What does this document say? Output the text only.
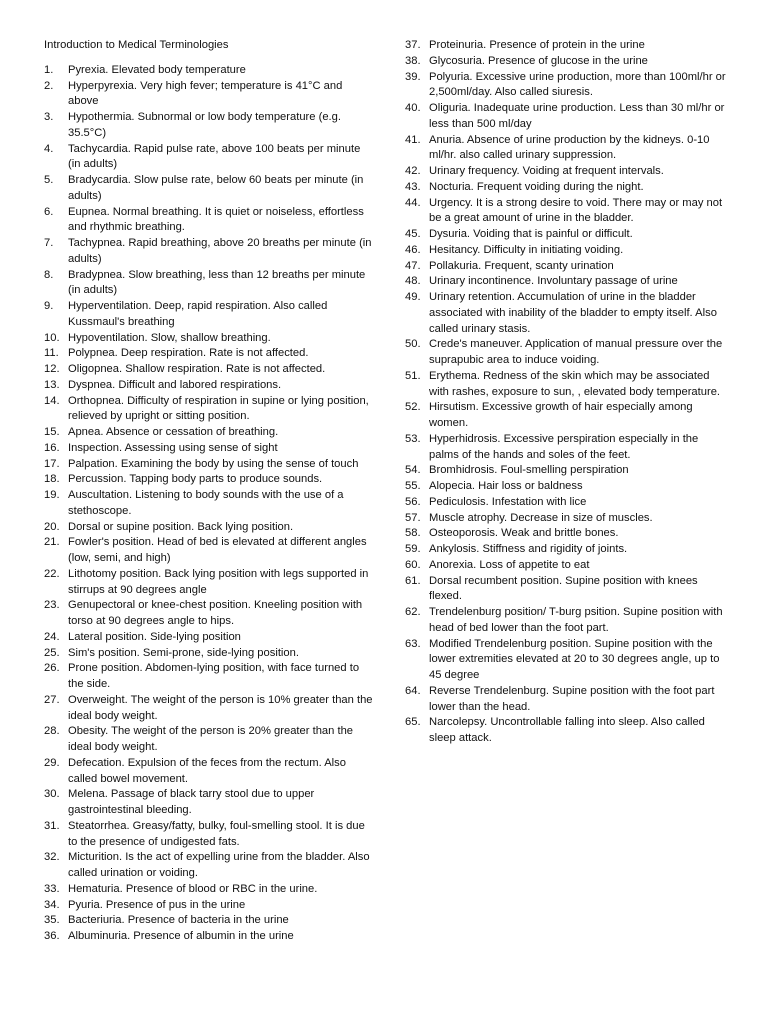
Introduction to Medical Terminologies
1. Pyrexia. Elevated body temperature
2. Hyperpyrexia. Very high fever; temperature is 41°C and above
3. Hypothermia. Subnormal or low body temperature (e.g. 35.5°C)
4. Tachycardia. Rapid pulse rate, above 100 beats per minute (in adults)
5. Bradycardia. Slow pulse rate, below 60 beats per minute (in adults)
6. Eupnea. Normal breathing. It is quiet or noiseless, effortless and rhythmic breathing.
7. Tachypnea. Rapid breathing, above 20 breaths per minute (in adults)
8. Bradypnea. Slow breathing, less than 12 breaths per minute (in adults)
9. Hyperventilation. Deep, rapid respiration. Also called Kussmaul's breathing
10. Hypoventilation. Slow, shallow breathing.
11. Polypnea. Deep respiration. Rate is not affected.
12. Oligopnea. Shallow respiration. Rate is not affected.
13. Dyspnea. Difficult and labored respirations.
14. Orthopnea. Difficulty of respiration in supine or lying position, relieved by upright or sitting position.
15. Apnea. Absence or cessation of breathing.
16. Inspection. Assessing using sense of sight
17. Palpation. Examining the body by using the sense of touch
18. Percussion. Tapping body parts to produce sounds.
19. Auscultation. Listening to body sounds with the use of a stethoscope.
20. Dorsal or supine position. Back lying position.
21. Fowler's position. Head of bed is elevated at different angles (low, semi, and high)
22. Lithotomy position. Back lying position with legs supported in stirrups at 90 degrees angle
23. Genupectoral or knee-chest position. Kneeling position with torso at 90 degrees angle to hips.
24. Lateral position. Side-lying position
25. Sim's position. Semi-prone, side-lying position.
26. Prone position. Abdomen-lying position, with face turned to the side.
27. Overweight. The weight of the person is 10% greater than the ideal body weight.
28. Obesity. The weight of the person is 20% greater than the ideal body weight.
29. Defecation. Expulsion of the feces from the rectum. Also called bowel movement.
30. Melena. Passage of black tarry stool due to upper gastrointestinal bleeding.
31. Steatorrhea. Greasy/fatty, bulky, foul-smelling stool. It is due to the presence of undigested fats.
32. Micturition. Is the act of expelling urine from the bladder. Also called urination or voiding.
33. Hematuria. Presence of blood or RBC in the urine.
34. Pyuria. Presence of pus in the urine
35. Bacteriuria. Presence of bacteria in the urine
36. Albuminuria. Presence of albumin in the urine
37. Proteinuria. Presence of protein in the urine
38. Glycosuria. Presence of glucose in the urine
39. Polyuria. Excessive urine production, more than 100ml/hr or 2,500ml/day. Also called siuresis.
40. Oliguria. Inadequate urine production. Less than 30 ml/hr or less than 500 ml/day
41. Anuria. Absence of urine production by the kidneys. 0-10 ml/hr. also called urinary suppression.
42. Urinary frequency. Voiding at frequent intervals.
43. Nocturia. Frequent voiding during the night.
44. Urgency. It is a strong desire to void. There may or may not be a great amount of urine in the bladder.
45. Dysuria. Voiding that is painful or difficult.
46. Hesitancy. Difficulty in initiating voiding.
47. Pollakuria. Frequent, scanty urination
48. Urinary incontinence. Involuntary passage of urine
49. Urinary retention. Accumulation of urine in the bladder associated with inability of the bladder to empty itself. Also called urinary stasis.
50. Crede's maneuver. Application of manual pressure over the suprapubic area to induce voiding.
51. Erythema. Redness of the skin which may be associated with rashes, exposure to sun, , elevated body temperature.
52. Hirsutism. Excessive growth of hair especially among women.
53. Hyperhidrosis. Excessive perspiration especially in the palms of the hands and soles of the feet.
54. Bromhidrosis. Foul-smelling perspiration
55. Alopecia. Hair loss or baldness
56. Pediculosis. Infestation with lice
57. Muscle atrophy. Decrease in size of muscles.
58. Osteoporosis. Weak and brittle bones.
59. Ankylosis. Stiffness and rigidity of joints.
60. Anorexia. Loss of appetite to eat
61. Dorsal recumbent position. Supine position with knees flexed.
62. Trendelenburg position/ T-burg psition. Supine position with head of bed lower than the foot part.
63. Modified Trendelenburg position. Supine position with the lower extremities elevated at 20 to 30 degrees angle, up to 45 degree
64. Reverse Trendelenburg. Supine position with the foot part lower than the head.
65. Narcolepsy. Uncontrollable falling into sleep. Also called sleep attack.
